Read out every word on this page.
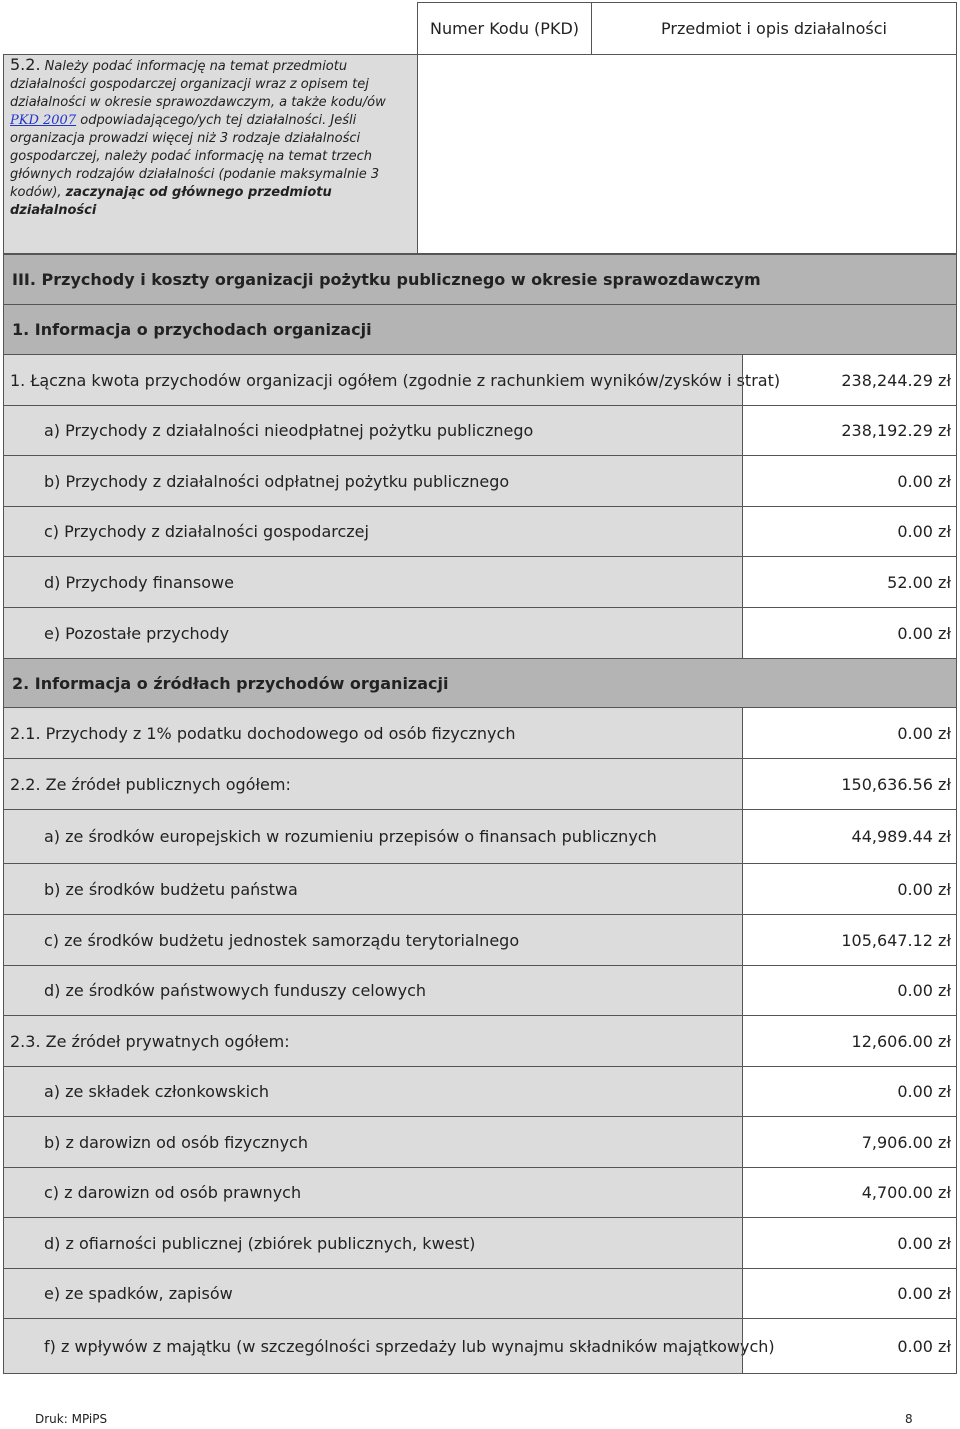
Numer Kodu (PKD)	Przedmiot i opis działalności
5.2. Należy podać informację na temat przedmiotu działalności gospodarczej organizacji wraz z opisem tej działalności w okresie sprawozdawczym, a także kodu/ów PKD 2007 odpowiadającego/ych tej działalności. Jeśli organizacja prowadzi więcej niż 3 rodzaje działalności gospodarczej, należy podać informację na temat trzech głównych rodzajów działalności (podanie maksymalnie 3 kodów), zaczynając od głównego przedmiotu działalności
III. Przychody i koszty organizacji pożytku publicznego w okresie sprawozdawczym
1. Informacja o przychodach organizacji
1. Łączna kwota przychodów organizacji ogółem (zgodnie z rachunkiem wyników/zysków i strat)	238,244.29 zł
a) Przychody z działalności nieodpłatnej pożytku publicznego	238,192.29 zł
b) Przychody z działalności odpłatnej pożytku publicznego	0.00 zł
c) Przychody z działalności gospodarczej	0.00 zł
d) Przychody finansowe	52.00 zł
e) Pozostałe przychody	0.00 zł
2. Informacja o źródłach przychodów organizacji
2.1. Przychody z 1% podatku dochodowego od osób fizycznych	0.00 zł
2.2. Ze źródeł publicznych ogółem:	150,636.56 zł
a) ze środków europejskich w rozumieniu przepisów o finansach publicznych	44,989.44 zł
b) ze środków budżetu państwa	0.00 zł
c) ze środków budżetu jednostek samorządu terytorialnego	105,647.12 zł
d) ze środków państwowych funduszy celowych	0.00 zł
2.3. Ze źródeł prywatnych ogółem:	12,606.00 zł
a) ze składek członkowskich	0.00 zł
b) z darowizn od osób fizycznych	7,906.00 zł
c) z darowizn od osób prawnych	4,700.00 zł
d) z ofiarności publicznej (zbiórek publicznych, kwest)	0.00 zł
e) ze spadków, zapisów	0.00 zł
f) z wpływów z majątku (w szczególności sprzedaży lub wynajmu składników majątkowych)	0.00 zł
Druk: MPiPS	8
